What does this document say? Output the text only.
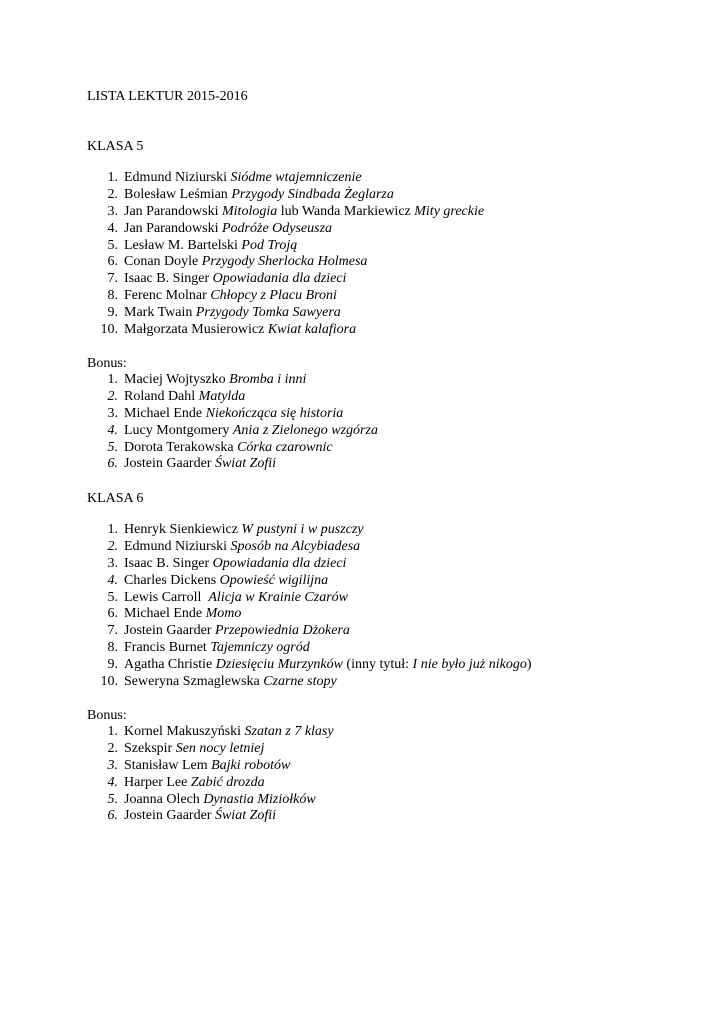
LISTA LEKTUR 2015-2016
KLASA 5
1. Edmund Niziurski Siódme wtajemniczenie
2. Bolesław Leśmian Przygody Sindbada Żeglarza
3. Jan Parandowski Mitologia lub Wanda Markiewicz Mity greckie
4. Jan Parandowski Podróże Odyseusza
5. Lesław M. Bartelski Pod Troją
6. Conan Doyle Przygody Sherlocka Holmesa
7. Isaac B. Singer Opowiadania dla dzieci
8. Ferenc Molnar Chłopcy z Placu Broni
9. Mark Twain Przygody Tomka Sawyera
10. Małgorzata Musierowicz Kwiat kalafiora
Bonus:
1. Maciej Wojtyszko Bromba i inni
2. Roland Dahl Matylda
3. Michael Ende Niekończąca się historia
4. Lucy Montgomery Ania z Zielonego wzgórza
5. Dorota Terakowska Córka czarownic
6. Jostein Gaarder Świat Zofii
KLASA 6
1. Henryk Sienkiewicz W pustyni i w puszczy
2. Edmund Niziurski Sposób na Alcybiadesa
3. Isaac B. Singer Opowiadania dla dzieci
4. Charles Dickens Opowieść wigilijna
5. Lewis Carroll  Alicja w Krainie Czarów
6. Michael Ende Momo
7. Jostein Gaarder Przepowiednia Dżokera
8. Francis Burnet Tajemniczy ogród
9. Agatha Christie Dziesięciu Murzynków (inny tytuł: I nie było już nikogo)
10. Seweryna Szmaglewska Czarne stopy
Bonus:
1. Kornel Makuszyński Szatan z 7 klasy
2. Szekspir Sen nocy letniej
3. Stanisław Lem Bajki robotów
4. Harper Lee Zabić drozda
5. Joanna Olech Dynastia Miziołków
6. Jostein Gaarder Świat Zofii
